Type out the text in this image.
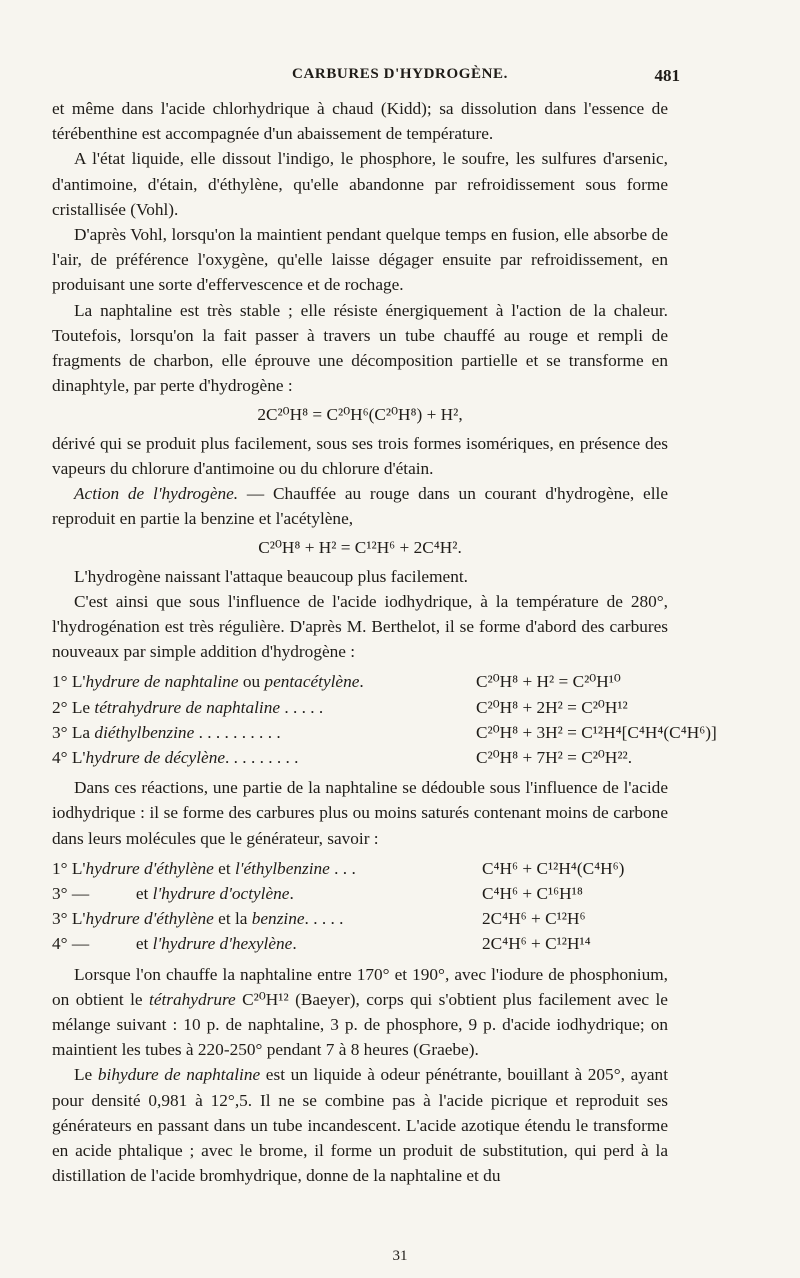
CARBURES D'HYDROGÈNE.	481

et même dans l'acide chlorhydrique à chaud (Kidd); sa dissolution dans l'essence de térébenthine est accompagnée d'un abaissement de température.

A l'état liquide, elle dissout l'indigo, le phosphore, le soufre, les sulfures d'arsenic, d'antimoine, d'étain, d'éthylène, qu'elle abandonne par refroidissement sous forme cristallisée (Vohl).

D'après Vohl, lorsqu'on la maintient pendant quelque temps en fusion, elle absorbe de l'air, de préférence l'oxygène, qu'elle laisse dégager ensuite par refroidissement, en produisant une sorte d'effervescence et de rochage.

La naphtaline est très stable ; elle résiste énergiquement à l'action de la chaleur. Toutefois, lorsqu'on la fait passer à travers un tube chauffé au rouge et rempli de fragments de charbon, elle éprouve une décomposition partielle et se transforme en dinaphtyle, par perte d'hydrogène :

2C²⁰H⁸ = C²⁰H⁶(C²⁰H⁸) + H²,

dérivé qui se produit plus facilement, sous ses trois formes isomériques, en présence des vapeurs du chlorure d'antimoine ou du chlorure d'étain.

Action de l'hydrogène. — Chauffée au rouge dans un courant d'hydrogène, elle reproduit en partie la benzine et l'acétylène,

C²⁰H⁸ + H² = C¹²H⁶ + 2C⁴H².

L'hydrogène naissant l'attaque beaucoup plus facilement.

C'est ainsi que sous l'influence de l'acide iodhydrique, à la température de 280°, l'hydrogénation est très régulière. D'après M. Berthelot, il se forme d'abord des carbures nouveaux par simple addition d'hydrogène :

1° L'hydrure de naphtaline ou pentacétylène.	C²⁰H⁸ + H² = C²⁰H¹⁰
2° Le tétrahydrure de naphtaline . . . . .	C²⁰H⁸ + 2H² = C²⁰H¹²
3° La diéthylbenzine . . . . . . . . . .	C²⁰H⁸ + 3H² = C¹²H⁴[C⁴H⁴(C⁴H⁶)]
4° L'hydrure de décylène. . . . . . . . .	C²⁰H⁸ + 7H² = C²⁰H²².

Dans ces réactions, une partie de la naphtaline se dédouble sous l'influence de l'acide iodhydrique : il se forme des carbures plus ou moins saturés contenant moins de carbone dans leurs molécules que le générateur, savoir :

1° L'hydrure d'éthylène et l'éthylbenzine . . .	C⁴H⁶ + C¹²H⁴(C⁴H⁶)
3° —	et l'hydrure d'octylène.	C⁴H⁶ + C¹⁶H¹⁸
3° L'hydrure d'éthylène et la benzine. . . . .	2C⁴H⁶ + C¹²H⁶
4° —	et l'hydrure d'hexylène.	2C⁴H⁶ + C¹²H¹⁴

Lorsque l'on chauffe la naphtaline entre 170° et 190°, avec l'iodure de phosphonium, on obtient le tétrahydrure C²⁰H¹² (Baeyer), corps qui s'obtient plus facilement avec le mélange suivant : 10 p. de naphtaline, 3 p. de phosphore, 9 p. d'acide iodhydrique; on maintient les tubes à 220-250° pendant 7 à 8 heures (Graebe).

Le bihydure de naphtaline est un liquide à odeur pénétrante, bouillant à 205°, ayant pour densité 0,981 à 12°,5. Il ne se combine pas à l'acide picrique et reproduit ses générateurs en passant dans un tube incandescent. L'acide azotique étendu le transforme en acide phtalique ; avec le brome, il forme un produit de substitution, qui perd à la distillation de l'acide bromhydrique, donne de la naphtaline et du

31
